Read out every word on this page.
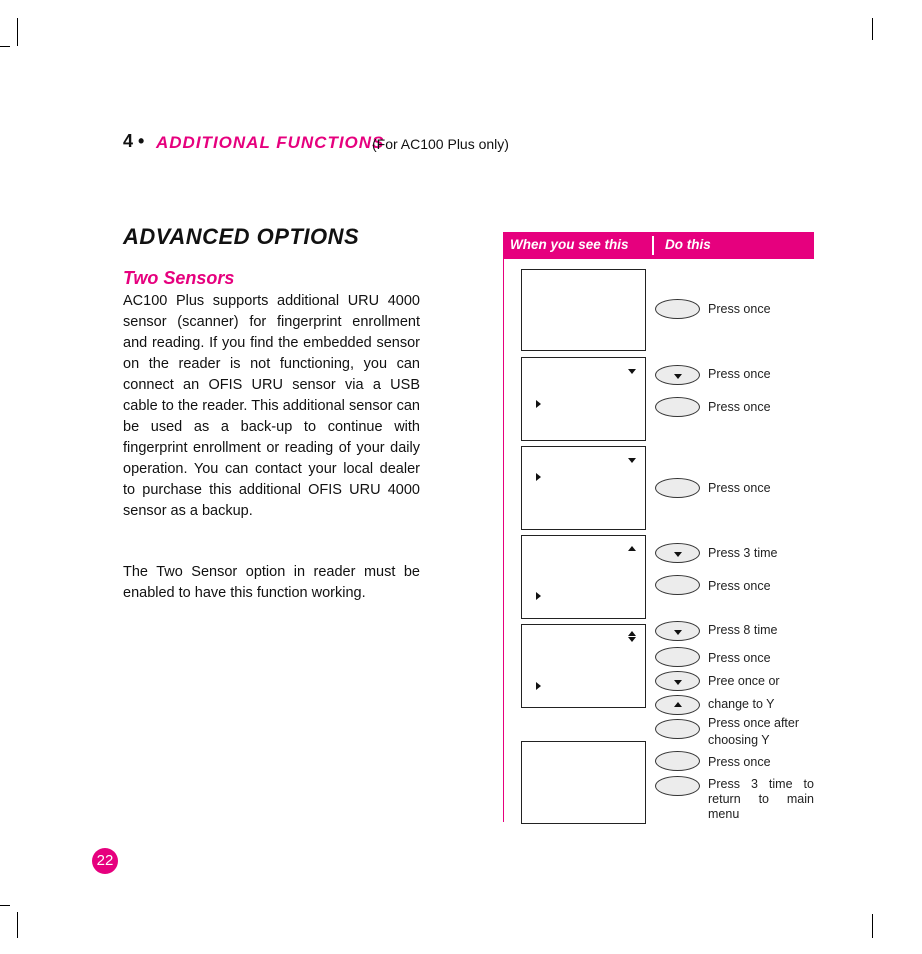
4 • ADDITIONAL FUNCTIONS
(For AC100 Plus only)
ADVANCED OPTIONS
Two Sensors
AC100 Plus supports additional URU 4000 sensor (scanner) for fingerprint enrollment and reading. If you find the embedded sensor on the reader is not functioning, you can connect an OFIS URU sensor via a USB cable to the reader. This additional sensor can be used as a back-up to continue with fingerprint enrollment or reading of your daily operation. You can contact your local dealer to purchase this additional OFIS URU 4000 sensor as a backup.
The Two Sensor option in reader must be enabled to have this function working.
When you see this	Do this
Press once
Press once
Press once
Press once
Press 3 time
Press once
Press 8 time
Press once
Pree once or
change to Y
Press once after
choosing Y
Press once
Press 3 time to return to main menu
22
